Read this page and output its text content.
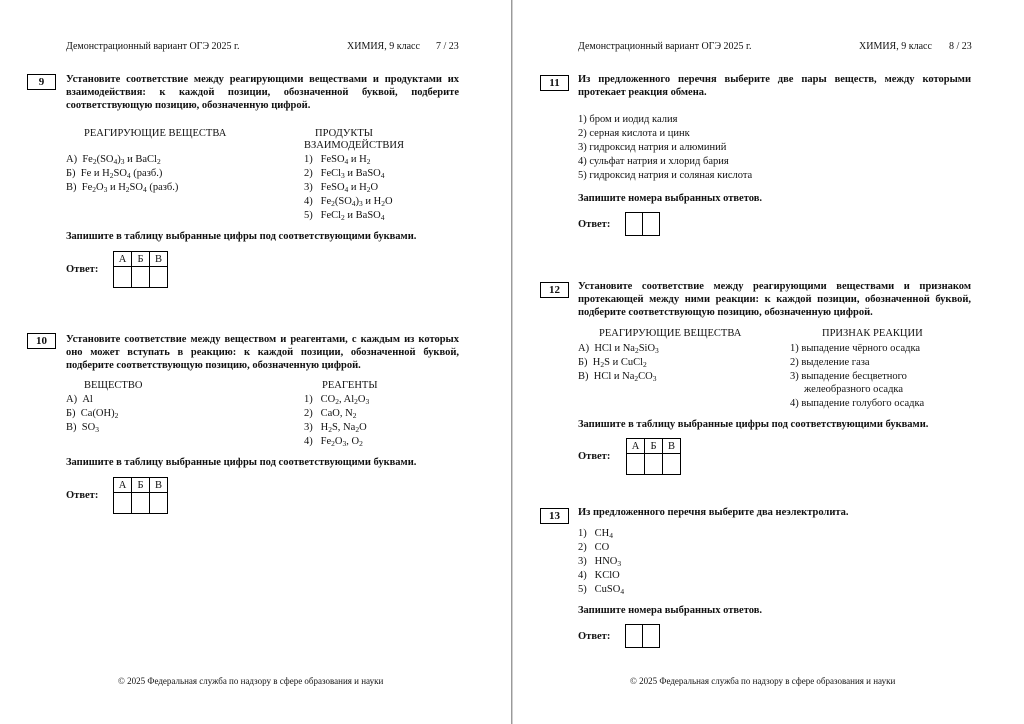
Демонстрационный вариант ОГЭ 2025 г.	ХИМИЯ, 9 класс 7 / 23
9	Установите соответствие между реагирующими веществами и продуктами их взаимодействия: к каждой позиции, обозначенной буквой, подберите соответствующую позицию, обозначенную цифрой.
РЕАГИРУЮЩИЕ ВЕЩЕСТВА	ПРОДУКТЫ ВЗАИМОДЕЙСТВИЯ
А)  $Fe_2(SO_4)_3$ и BaCl$_2$
Б)  Fe и $H_2SO_4$ (разб.)
В)  $Fe_2O_3$ и $H_2SO_4$ (разб.)
1)   FeSO$_4$ и $H_2$
2)   FeCl$_3$ и BaSO$_4$
3)   FeSO$_4$ и $H_2O$
4)   $Fe_2(SO_4)_3$ и $H_2O$
5)   FeCl$_2$ и BaSO$_4$
Запишите в таблицу выбранные цифры под соответствующими буквами.
Ответ:
А	Б	В

10	Установите соответствие между веществом и реагентами, с каждым из которых оно может вступать в реакцию: к каждой позиции, обозначенной буквой, подберите соответствующую позицию, обозначенную цифрой.
ВЕЩЕСТВО	РЕАГЕНТЫ
А)  Al
Б)  $Ca(OH)_2$
В)  $SO_3$
1)   $CO_2$, $Al_2O_3$
2)   CaO, $N_2$
3)   $H_2S$, $Na_2O$
4)   $Fe_2O_3$, $O_2$
Запишите в таблицу выбранные цифры под соответствующими буквами.
Ответ:
А	Б	В

© 2025 Федеральная служба по надзору в сфере образования и науки
Демонстрационный вариант ОГЭ 2025 г.	ХИМИЯ, 9 класс 8 / 23
11	Из предложенного перечня выберите две пары веществ, между которыми протекает реакция обмена.
1) бром и иодид калия
2) серная кислота и цинк
3) гидроксид натрия и алюминий
4) сульфат натрия и хлорид бария
5) гидроксид натрия и соляная кислота
Запишите номера выбранных ответов.
Ответ:
12	Установите соответствие между реагирующими веществами и признаком протекающей между ними реакции: к каждой позиции, обозначенной буквой, подберите соответствующую позицию, обозначенную цифрой.
РЕАГИРУЮЩИЕ ВЕЩЕСТВА	ПРИЗНАК РЕАКЦИИ
А)  HCl и $Na_2SiO_3$
Б)  $H_2S$ и CuCl$_2$
В)  HCl и $Na_2CO_3$
1) выпадение чёрного осадка
2) выделение газа
3) выпадение бесцветного
желеобразного осадка
4) выпадение голубого осадка
Запишите в таблицу выбранные цифры под соответствующими буквами.
Ответ:
А	Б	В

13	Из предложенного перечня выберите два неэлектролита.
1)   $CH_4$
2)   CO
3)   $HNO_3$
4)   KClO
5)   CuSO$_4$
Запишите номера выбранных ответов.
Ответ:
© 2025 Федеральная служба по надзору в сфере образования и науки
